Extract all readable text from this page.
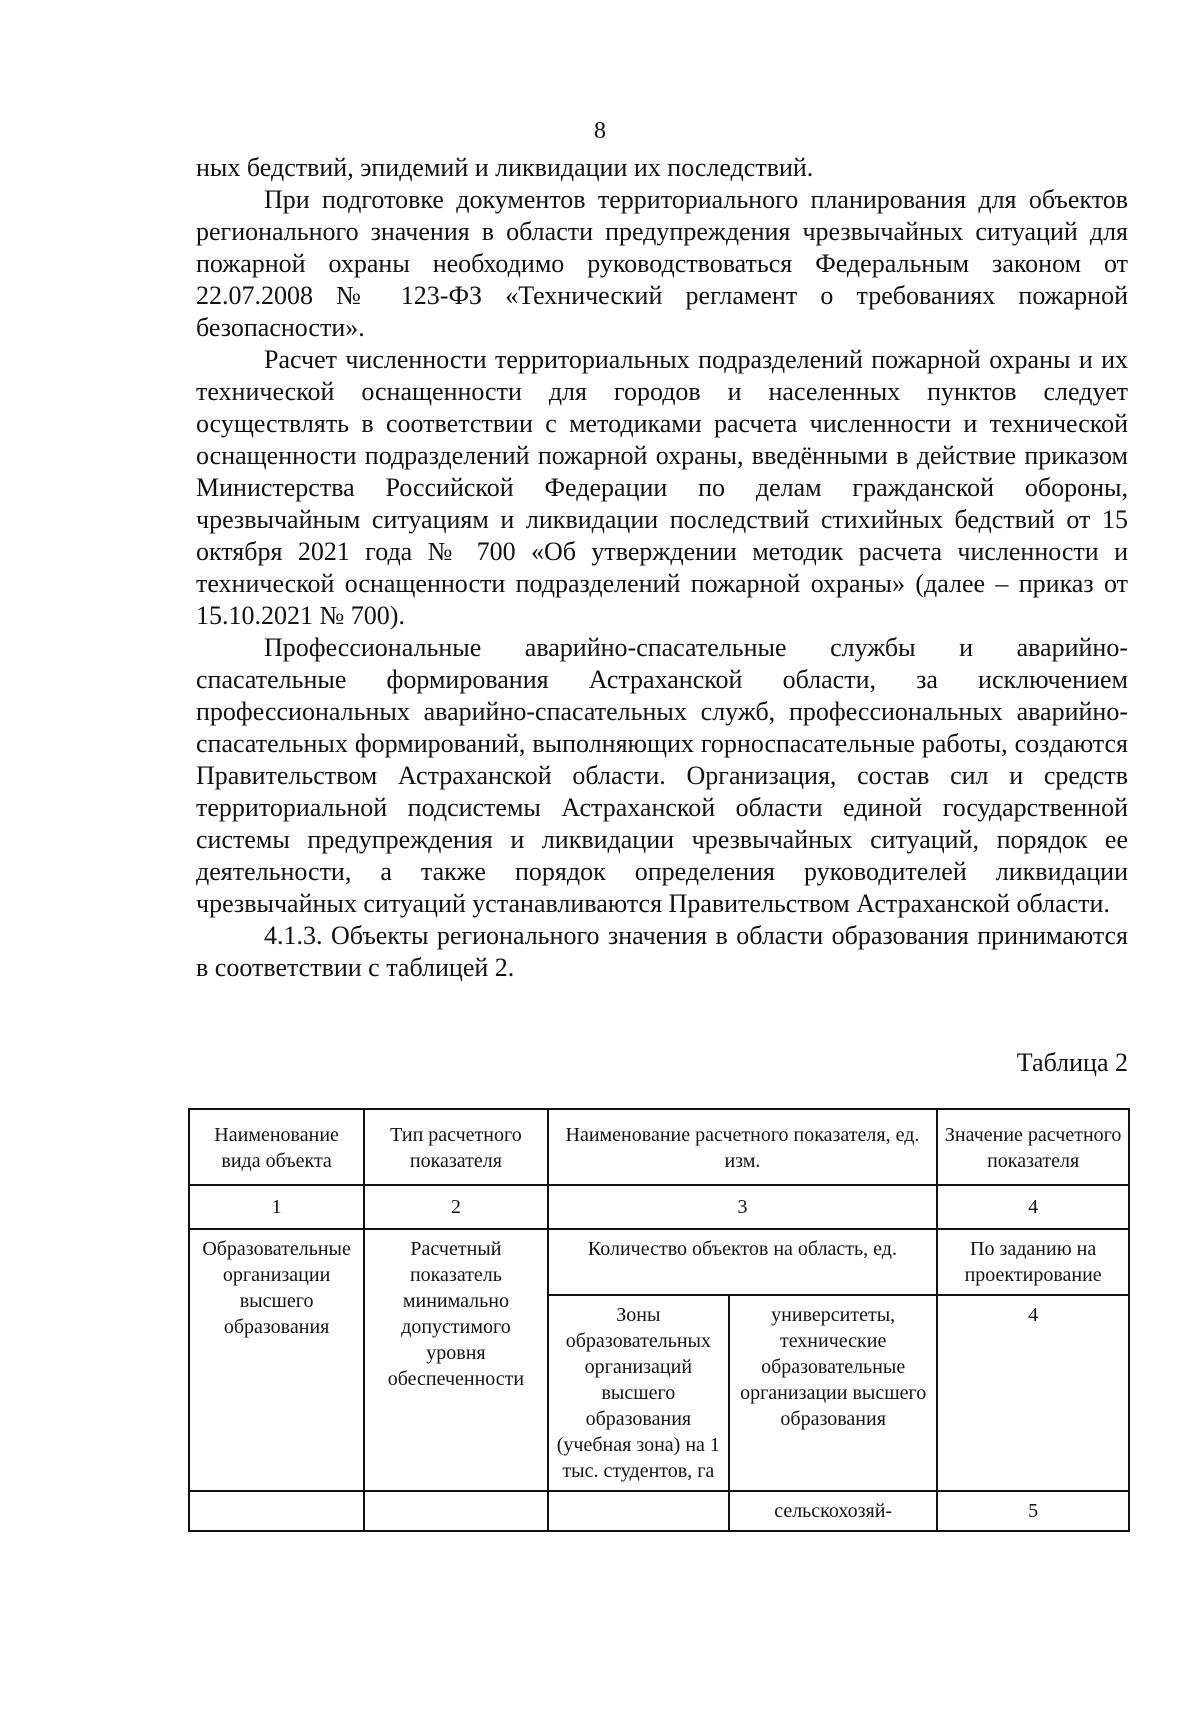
8

ных бедствий, эпидемий и ликвидации их последствий.

При подготовке документов территориального планирования для объектов регионального значения в области предупреждения чрезвычайных ситуаций для пожарной охраны необходимо руководствоваться Федеральным законом от 22.07.2008 № 123-ФЗ «Технический регламент о требованиях пожарной безопасности».

Расчет численности территориальных подразделений пожарной охраны и их технической оснащенности для городов и населенных пунктов следует осуществлять в соответствии с методиками расчета численности и технической оснащенности подразделений пожарной охраны, введёнными в действие приказом Министерства Российской Федерации по делам гражданской обороны, чрезвычайным ситуациям и ликвидации последствий стихийных бедствий от 15 октября 2021 года № 700 «Об утверждении методик расчета численности и технической оснащенности подразделений пожарной охраны» (далее – приказ от 15.10.2021 № 700).

Профессиональные аварийно-спасательные службы и аварийно-спасательные формирования Астраханской области, за исключением профессиональных аварийно-спасательных служб, профессиональных аварийно-спасательных формирований, выполняющих горноспасательные работы, создаются Правительством Астраханской области. Организация, состав сил и средств территориальной подсистемы Астраханской области единой государственной системы предупреждения и ликвидации чрезвычайных ситуаций, порядок ее деятельности, а также порядок определения руководителей ликвидации чрезвычайных ситуаций устанавливаются Правительством Астраханской области.

4.1.3. Объекты регионального значения в области образования принимаются в соответствии с таблицей 2.

Таблица 2
Наименование вида объекта	Тип расчетного показателя	Наименование расчетного показателя, ед. изм.		Значение расчетного показателя
1	2	3		4
Образовательные организации высшего образования	Расчетный показатель минимально допустимого уровня обеспеченности	Количество объектов на область, ед.		По заданию на проектирование
		Зоны образовательных организаций высшего образования (учебная зона) на 1 тыс. студентов, га	университеты, технические образовательные организации высшего образования	4
			сельскохозяй-	5
